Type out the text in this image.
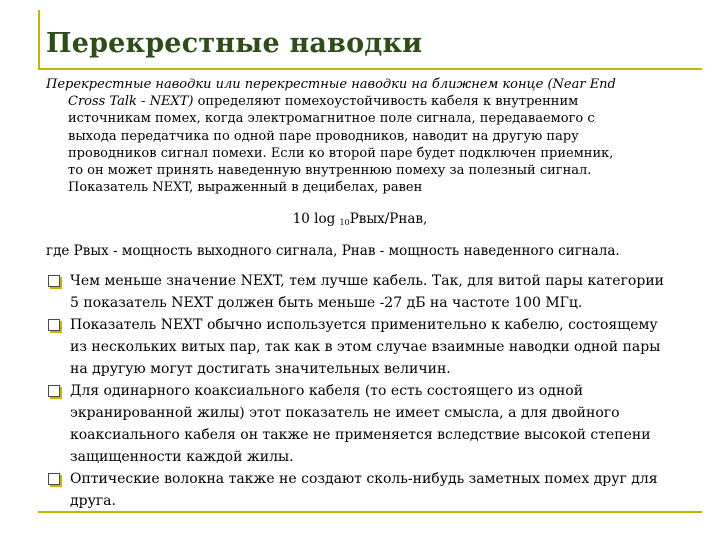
Перекрестные наводки
Перекрестные наводки или перекрестные наводки на ближнем конце (Near End
Cross Talk - NEXT) определяют помехоустойчивость кабеля к внутренним
источникам помех, когда электромагнитное поле сигнала, передаваемого с
выхода передатчика по одной паре проводников, наводит на другую пару
проводников сигнал помехи. Если ко второй паре будет подключен приемник,
то он может принять наведенную внутреннюю помеху за полезный сигнал.
Показатель NEXT, выраженный в децибелах, равен
10 log $_{10}$Рвых/Рнав,
где Рвых - мощность выходного сигнала, Рнав - мощность наведенного сигнала.
Чем меньше значение NEXT, тем лучше кабель. Так, для витой пары категории
5 показатель NEXT должен быть меньше -27 дБ на частоте 100 МГц.
Показатель NEXT обычно используется применительно к кабелю, состоящему
из нескольких витых пар, так как в этом случае взаимные наводки одной пары
на другую могут достигать значительных величин.
Для одинарного коаксиального кабеля (то есть состоящего из одной
экранированной жилы) этот показатель не имеет смысла, а для двойного
коаксиального кабеля он также не применяется вследствие высокой степени
защищенности каждой жилы.
Оптические волокна также не создают сколь-нибудь заметных помех друг для
друга.
